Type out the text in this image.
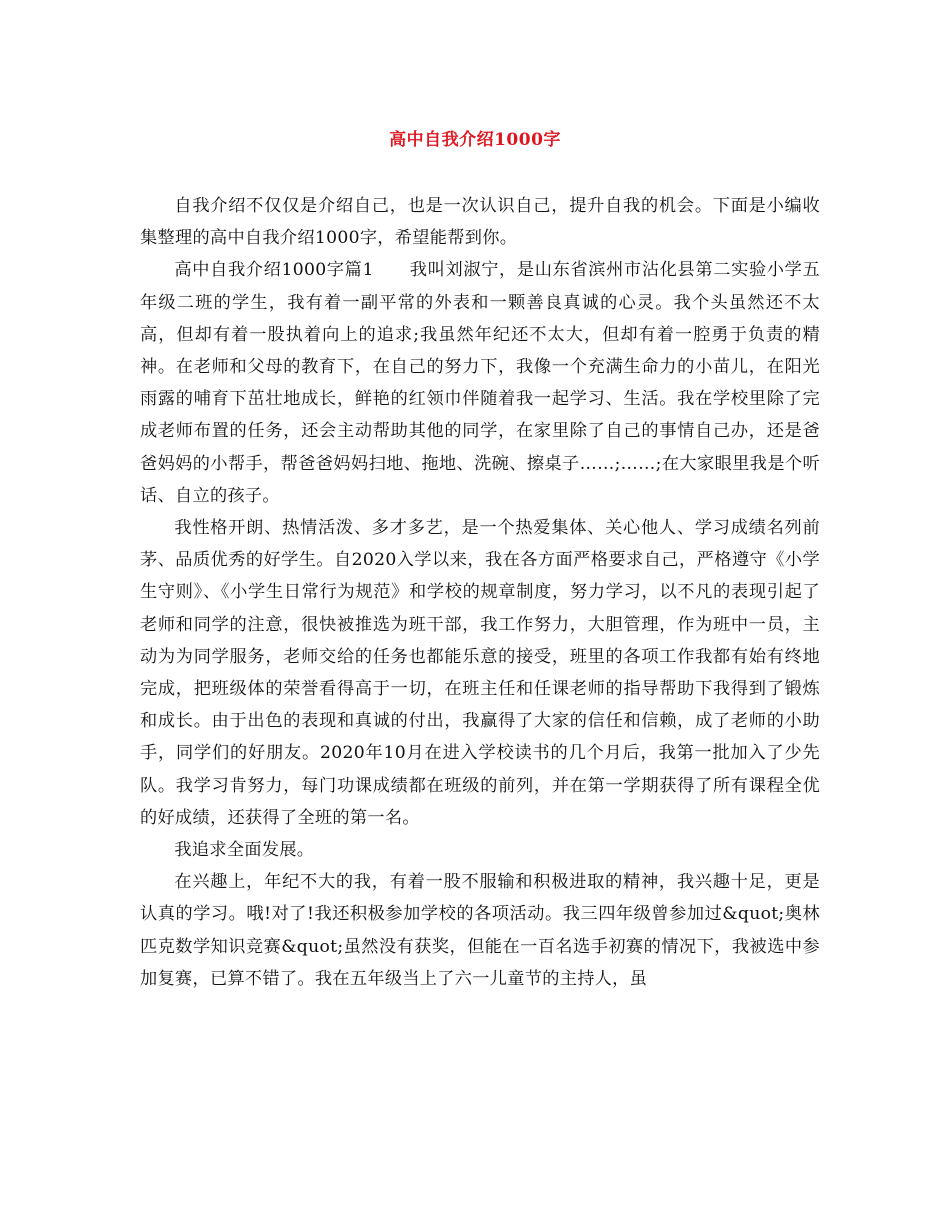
高中自我介绍1000字

自我介绍不仅仅是介绍自己，也是一次认识自己，提升自我的机会。下面是小编收集整理的高中自我介绍1000字，希望能帮到你。

高中自我介绍1000字篇1　　我叫刘淑宁，是山东省滨州市沾化县第二实验小学五年级二班的学生，我有着一副平常的外表和一颗善良真诚的心灵。我个头虽然还不太高，但却有着一股执着向上的追求;我虽然年纪还不太大，但却有着一腔勇于负责的精神。在老师和父母的教育下，在自己的努力下，我像一个充满生命力的小苗儿，在阳光雨露的哺育下茁壮地成长，鲜艳的红领巾伴随着我一起学习、生活。我在学校里除了完成老师布置的任务，还会主动帮助其他的同学，在家里除了自己的事情自己办，还是爸爸妈妈的小帮手，帮爸爸妈妈扫地、拖地、洗碗、擦桌子……;……;在大家眼里我是个听话、自立的孩子。

我性格开朗、热情活泼、多才多艺，是一个热爱集体、关心他人、学习成绩名列前茅、品质优秀的好学生。自2020入学以来，我在各方面严格要求自己，严格遵守《小学生守则》、《小学生日常行为规范》和学校的规章制度，努力学习，以不凡的表现引起了老师和同学的注意，很快被推选为班干部，我工作努力，大胆管理，作为班中一员，主动为为同学服务，老师交给的任务也都能乐意的接受，班里的各项工作我都有始有终地完成，把班级体的荣誉看得高于一切，在班主任和任课老师的指导帮助下我得到了锻炼和成长。由于出色的表现和真诚的付出，我赢得了大家的信任和信赖，成了老师的小助手，同学们的好朋友。2020年10月在进入学校读书的几个月后，我第一批加入了少先队。我学习肯努力，每门功课成绩都在班级的前列，并在第一学期获得了所有课程全优的好成绩，还获得了全班的第一名。

我追求全面发展。

在兴趣上，年纪不大的我，有着一股不服输和积极进取的精神，我兴趣十足，更是认真的学习。哦!对了!我还积极参加学校的各项活动。我三四年级曾参加过&quot;奥林匹克数学知识竞赛&quot;虽然没有获奖，但能在一百名选手初赛的情况下，我被选中参加复赛，已算不错了。我在五年级当上了六一儿童节的主持人，虽
